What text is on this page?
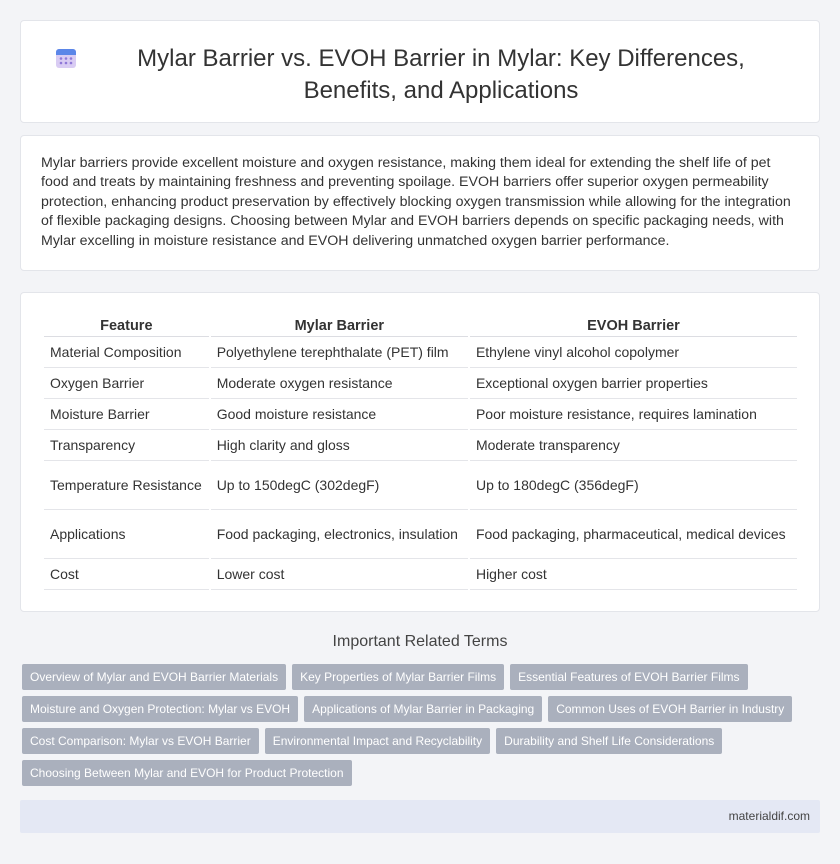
Mylar Barrier vs. EVOH Barrier in Mylar: Key Differences, Benefits, and Applications

Mylar barriers provide excellent moisture and oxygen resistance, making them ideal for extending the shelf life of pet food and treats by maintaining freshness and preventing spoilage. EVOH barriers offer superior oxygen permeability protection, enhancing product preservation by effectively blocking oxygen transmission while allowing for the integration of flexible packaging designs. Choosing between Mylar and EVOH barriers depends on specific packaging needs, with Mylar excelling in moisture resistance and EVOH delivering unmatched oxygen barrier performance.

Feature	Mylar Barrier	EVOH Barrier
Material Composition	Polyethylene terephthalate (PET) film	Ethylene vinyl alcohol copolymer
Oxygen Barrier	Moderate oxygen resistance	Exceptional oxygen barrier properties
Moisture Barrier	Good moisture resistance	Poor moisture resistance, requires lamination
Transparency	High clarity and gloss	Moderate transparency
Temperature Resistance	Up to 150degC (302degF)	Up to 180degC (356degF)
Applications	Food packaging, electronics, insulation	Food packaging, pharmaceutical, medical devices
Cost	Lower cost	Higher cost
Important Related Terms
Overview of Mylar and EVOH Barrier Materials	Key Properties of Mylar Barrier Films	Essential Features of EVOH Barrier Films
Moisture and Oxygen Protection: Mylar vs EVOH	Applications of Mylar Barrier in Packaging	Common Uses of EVOH Barrier in Industry
Cost Comparison: Mylar vs EVOH Barrier	Environmental Impact and Recyclability	Durability and Shelf Life Considerations
Choosing Between Mylar and EVOH for Product Protection
materialdif.com
